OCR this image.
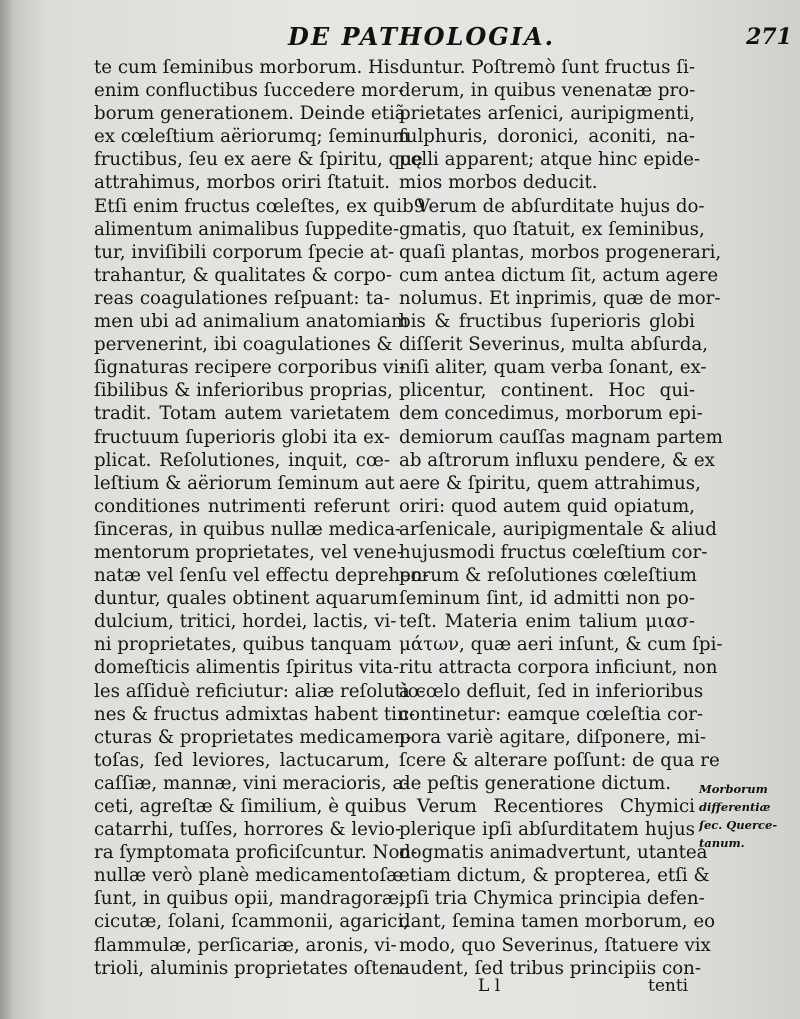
DE PATHOLOGIA.	271
te cum ſeminibus morborum. His
enim confluctibus ſuccedere mor-
borum generationem. Deinde etiã
ex cœleſtium aëriorumq; ſeminum
fructibus, ſeu ex aere & ſpiritu, quę
attrahimus, morbos oriri ſtatuit.
Etſi enim fructus cœleſtes, ex quib9
alimentum animalibus ſuppedite-
tur, inviſibili corporum ſpecie at-
trahantur, & qualitates & corpo-
reas coagulationes reſpuant: ta-
men ubi ad animalium anatomiam
pervenerint, ibi coagulationes &
ſignaturas recipere corporibus vi-
ſibilibus & inferioribus proprias,
tradit. Totam autem varietatem
fructuum ſuperioris globi ita ex-
plicat. Reſolutiones, inquit, cœ-
leſtium & aëriorum ſeminum aut
conditiones nutrimenti referunt
ſinceras, in quibus nullæ medica-
mentorum proprietates, vel vene-
natæ vel ſenſu vel effectu deprehen-
duntur, quales obtinent aquarum
dulcium, tritici, hordei, lactis, vi-
ni proprietates, quibus tanquam
domeſticis alimentis ſpiritus vita-
les aſſiduè reficiutur: aliæ reſolutio-
nes & fructus admixtas habent tin-
cturas & proprietates medicamen-
toſas, ſed leviores, lactucarum,
caſſiæ, mannæ, vini meracioris, a-
ceti, agreſtæ & ſimilium, è quibus
catarrhi, tuſſes, horrores & levio-
ra ſymptomata proficiſcuntur. Non-
nullæ verò planè medicamentoſæ
ſunt, in quibus opii, mandragoræ,
cicutæ, ſolani, ſcammonii, agarici,
flammulæ, perſicariæ, aronis, vi-
trioli, aluminis proprietates oſten-
duntur. Poſtremò ſunt fructus ſi-
derum, in quibus venenatæ pro-
prietates arſenici, auripigmenti,
ſulphuris, doronici, aconiti, na-
pelli apparent; atque hinc epide-
mios morbos deducit.
Verum de abſurditate hujus do-
gmatis, quo ſtatuit, ex ſeminibus,
quaſi plantas, morbos progenerari,
cum antea dictum ſit, actum agere
nolumus. Et inprimis, quæ de mor-
bis & fructibus ſuperioris globi
diſſerit Severinus, multa abſurda,
niſi aliter, quam verba ſonant, ex-
plicentur, continent. Hoc qui-
dem concedimus, morborum epi-
demiorum cauſſas magnam partem
ab aſtrorum influxu pendere, & ex
aere & ſpiritu, quem attrahimus,
oriri: quod autem quid opiatum,
arſenicale, auripigmentale & aliud
hujusmodi fructus cœleſtium cor-
porum & reſolutiones cœleſtium
ſeminum ſint, id admitti non po-
teſt. Materia enim talium μιασ-
μάτων, quæ aeri inſunt, & cum ſpi-
ritu attracta corpora inficiunt, non
à cœlo defluit, ſed in inferioribus
continetur: eamque cœleſtia cor-
pora variè agitare, diſponere, mi-
ſcere & alterare poſſunt: de qua re
de peſtis generatione dictum.
Verum Recentiores Chymici
plerique ipſi abſurditatem hujus
dogmatis animadvertunt, utantea
etiam dictum, & propterea, etſi &
ipſi tria Chymica principia defen-
dant, ſemina tamen morborum, eo
modo, quo Severinus, ſtatuere vix
audent, ſed tribus principiis con-
Morborum
differentiæ
ſec. Querce-
tanum.
L l	tenti
